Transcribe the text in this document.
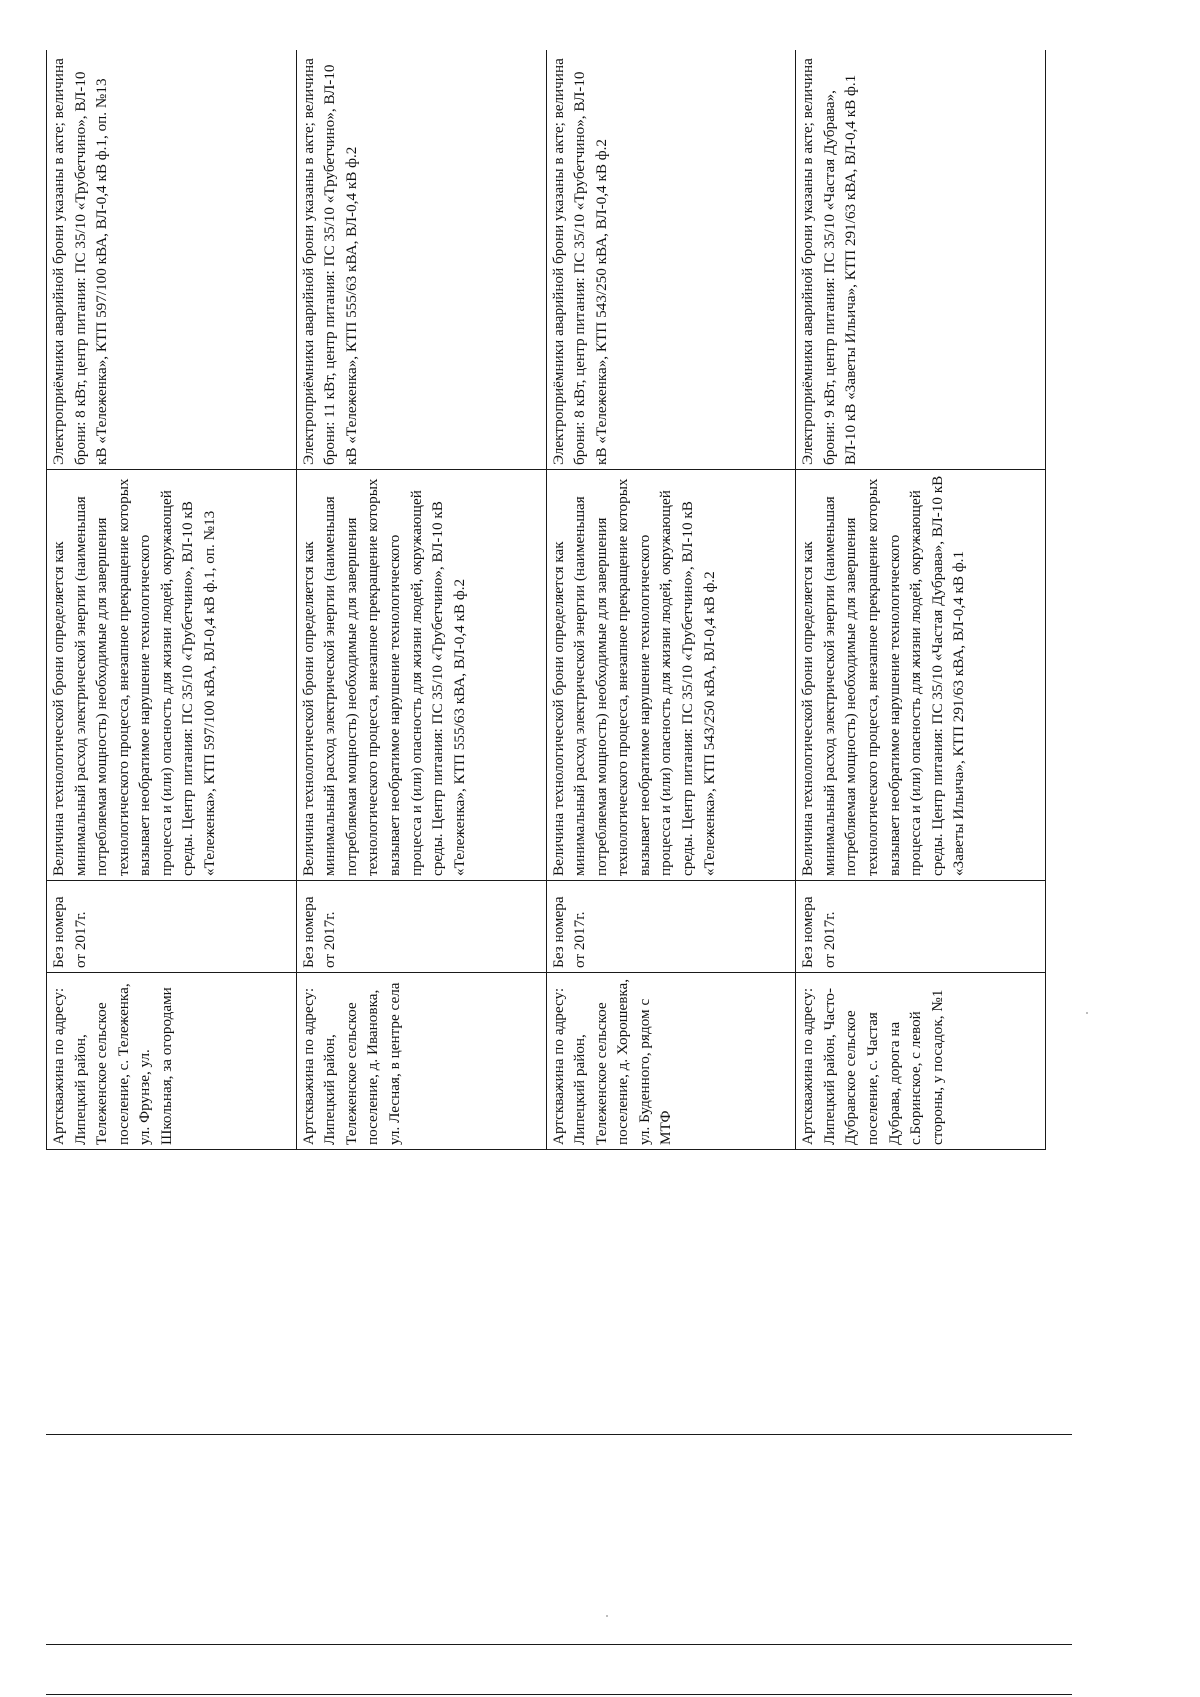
Артскважина по адресу: Липецкий район, Тележенское сельское поселение, с. Тележенка, ул. Фрунзе, ул. Школьная, за огородами	Без номера от 2017г.	Величина технологической брони определяется как минимальный расход электрической энергии (наименьшая потребляемая мощность) необходимые для завершения технологического процесса, внезапное прекращение которых вызывает необратимое нарушение технологического процесса и (или) опасность для жизни людей, окружающей среды. Центр питания: ПС 35/10 «Трубетчино», ВЛ-10 кВ «Тележенка», КТП 597/100 кВА, ВЛ-0,4 кВ ф.1, оп. №13	Электроприёмники аварийной брони указаны в акте; величина брони: 8 кВт, центр питания: ПС 35/10 «Трубетчино», ВЛ-10 кВ «Тележенка», КТП 597/100 кВА, ВЛ-0,4 кВ ф.1, оп. №13
Артскважина по адресу: Липецкий район, Тележенское сельское поселение, д. Ивановка, ул. Лесная, в центре села	Без номера от 2017г.	Величина технологической брони определяется как минимальный расход электрической энергии (наименьшая потребляемая мощность) необходимые для завершения технологического процесса, внезапное прекращение которых вызывает необратимое нарушение технологического процесса и (или) опасность для жизни людей, окружающей среды. Центр питания: ПС 35/10 «Трубетчино», ВЛ-10 кВ «Тележенка», КТП 555/63 кВА, ВЛ-0,4 кВ ф.2	Электроприёмники аварийной брони указаны в акте; величина брони: 11 кВт, центр питания: ПС 35/10 «Трубетчино», ВЛ-10 кВ «Тележенка», КТП 555/63 кВА, ВЛ-0,4 кВ ф.2
Артскважина по адресу: Липецкий район, Тележенское сельское поселение, д. Хорошевка, ул. Буденного, рядом с МТФ	Без номера от 2017г.	Величина технологической брони определяется как минимальный расход электрической энергии (наименьшая потребляемая мощность) необходимые для завершения технологического процесса, внезапное прекращение которых вызывает необратимое нарушение технологического процесса и (или) опасность для жизни людей, окружающей среды. Центр питания: ПС 35/10 «Трубетчино», ВЛ-10 кВ «Тележенка», КТП 543/250 кВА, ВЛ-0,4 кВ ф.2	Электроприёмники аварийной брони указаны в акте; величина брони: 8 кВт, центр питания: ПС 35/10 «Трубетчино», ВЛ-10 кВ «Тележенка», КТП 543/250 кВА, ВЛ-0,4 кВ ф.2
Артскважина по адресу: Липецкий район, Часто-Дубравское сельское поселение, с. Частая Дубрава, дорога на с.Боринское, с левой стороны, у посадок, №1	Без номера от 2017г.	Величина технологической брони определяется как минимальный расход электрической энергии (наименьшая потребляемая мощность) необходимые для завершения технологического процесса, внезапное прекращение которых вызывает необратимое нарушение технологического процесса и (или) опасность для жизни людей, окружающей среды. Центр питания: ПС 35/10 «Частая Дубрава», ВЛ-10 кВ «Заветы Ильича», КТП 291/63 кВА, ВЛ-0,4 кВ ф.1	Электроприёмники аварийной брони указаны в акте; величина брони: 9 кВт, центр питания: ПС 35/10 «Частая Дубрава», ВЛ-10 кВ «Заветы Ильича», КТП 291/63 кВА, ВЛ-0,4 кВ ф.1
